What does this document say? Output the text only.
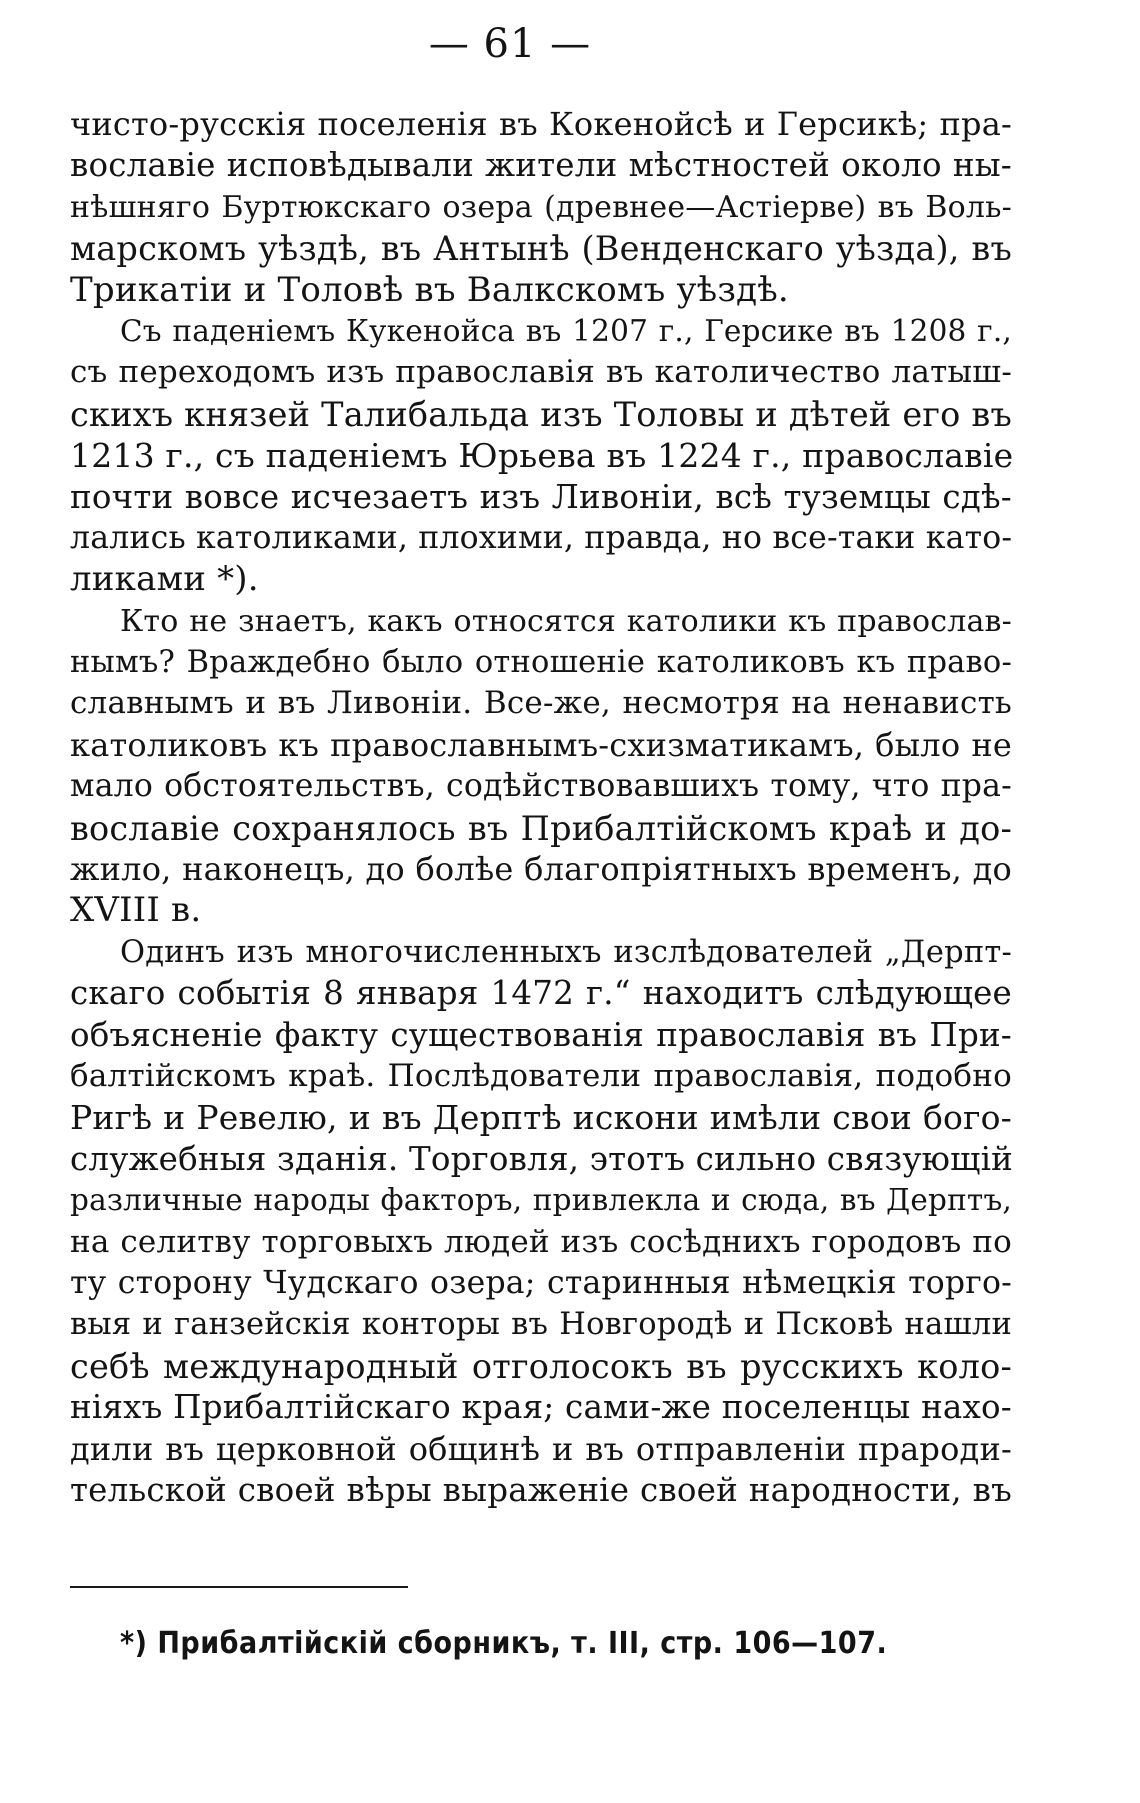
— 61 —
чисто-русскія поселенія въ Кокенойсѣ и Герсикѣ; пра-
вославіе исповѣдывали жители мѣстностей около ны-
нѣшняго Буртюкскаго озера (древнее—Астіерве) въ Воль-
марскомъ уѣздѣ, въ Антынѣ (Венденскаго уѣзда), въ
Трикатіи и Толовѣ въ Валкскомъ уѣздѣ.
Съ паденіемъ Кукенойса въ 1207 г., Герсике въ 1208 г.,
съ переходомъ изъ православія въ католичество латыш-
скихъ князей Талибальда изъ Толовы и дѣтей его въ
1213 г., съ паденіемъ Юрьева въ 1224 г., православіе
почти вовсе исчезаетъ изъ Ливоніи, всѣ туземцы сдѣ-
лались католиками, плохими, правда, но все-таки като-
ликами *).
Кто не знаетъ, какъ относятся католики къ православ-
нымъ? Враждебно было отношеніе католиковъ къ право-
славнымъ и въ Ливоніи. Все-же, несмотря на ненависть
католиковъ къ православнымъ-схизматикамъ, было не
мало обстоятельствъ, содѣйствовавшихъ тому, что пра-
вославіе сохранялось въ Прибалтійскомъ краѣ и до-
жило, наконецъ, до болѣе благопріятныхъ временъ, до
XVIII в.
Одинъ изъ многочисленныхъ изслѣдователей „Дерпт-
скаго событія 8 января 1472 г.“ находитъ слѣдующее
объясненіе факту существованія православія въ При-
балтійскомъ краѣ. Послѣдователи православія, подобно
Ригѣ и Ревелю, и въ Дерптѣ искони имѣли свои бого-
служебныя зданія. Торговля, этотъ сильно связующій
различные народы факторъ, привлекла и сюда, въ Дерптъ,
на селитву торговыхъ людей изъ сосѣднихъ городовъ по
ту сторону Чудскаго озера; старинныя нѣмецкія торго-
выя и ганзейскія конторы въ Новгородѣ и Псковѣ нашли
себѣ международный отголосокъ въ русскихъ коло-
ніяхъ Прибалтійскаго края; сами-же поселенцы нахо-
дили въ церковной общинѣ и въ отправленіи прароди-
тельской своей вѣры выраженіе своей народности, въ
*) Прибалтійскій сборникъ, т. III, стр. 106—107.
